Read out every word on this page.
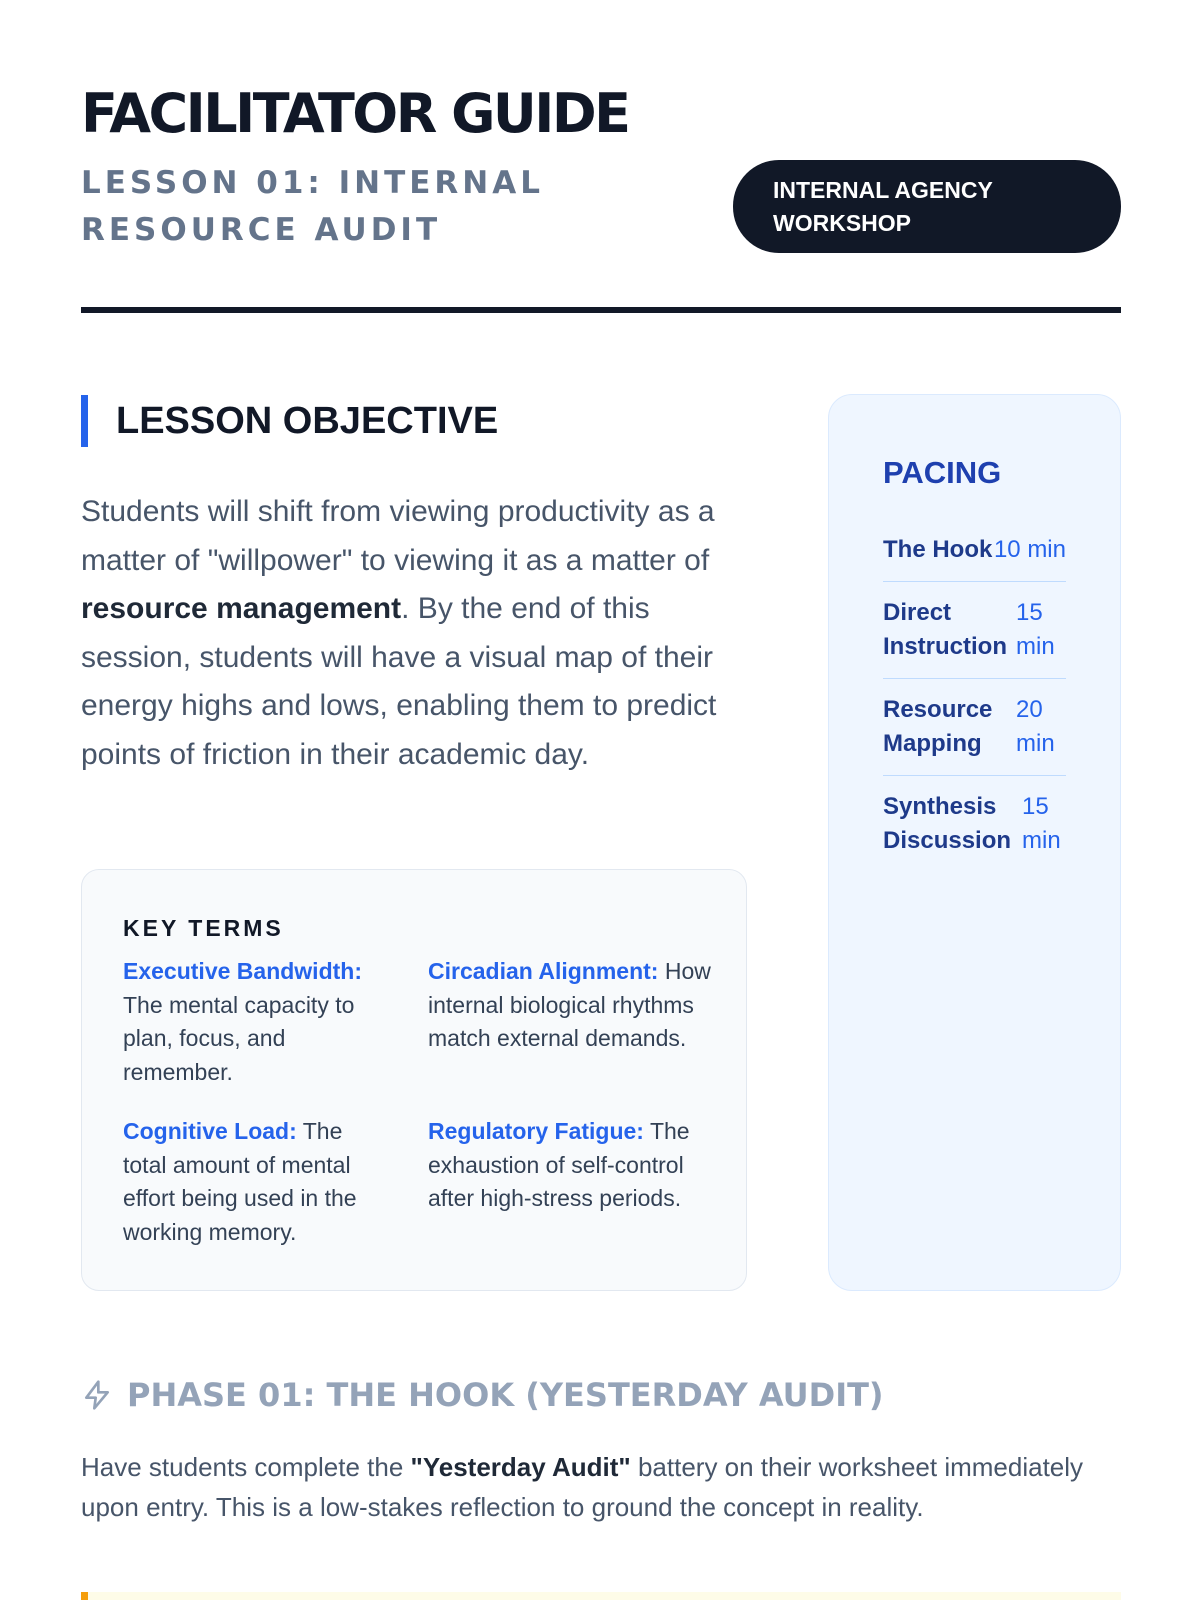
FACILITATOR GUIDE

LESSON 01: INTERNAL RESOURCE AUDIT

INTERNAL AGENCY WORKSHOP
LESSON OBJECTIVE

Students will shift from viewing productivity as a matter of "willpower" to viewing it as a matter of resource management. By the end of this session, students will have a visual map of their energy highs and lows, enabling them to predict points of friction in their academic day.

KEY TERMS
Executive Bandwidth: The mental capacity to plan, focus, and remember.
Circadian Alignment: How internal biological rhythms match external demands.
Cognitive Load: The total amount of mental effort being used in the working memory.
Regulatory Fatigue: The exhaustion of self-control after high-stress periods.
PACING
The Hook 10 min
Direct Instruction
15 min
Resource Mapping
20 min
Synthesis Discussion
15 min
PHASE 01: THE HOOK (YESTERDAY AUDIT)

Have students complete the "Yesterday Audit" battery on their worksheet immediately upon entry. This is a low-stakes reflection to ground the concept in reality.
